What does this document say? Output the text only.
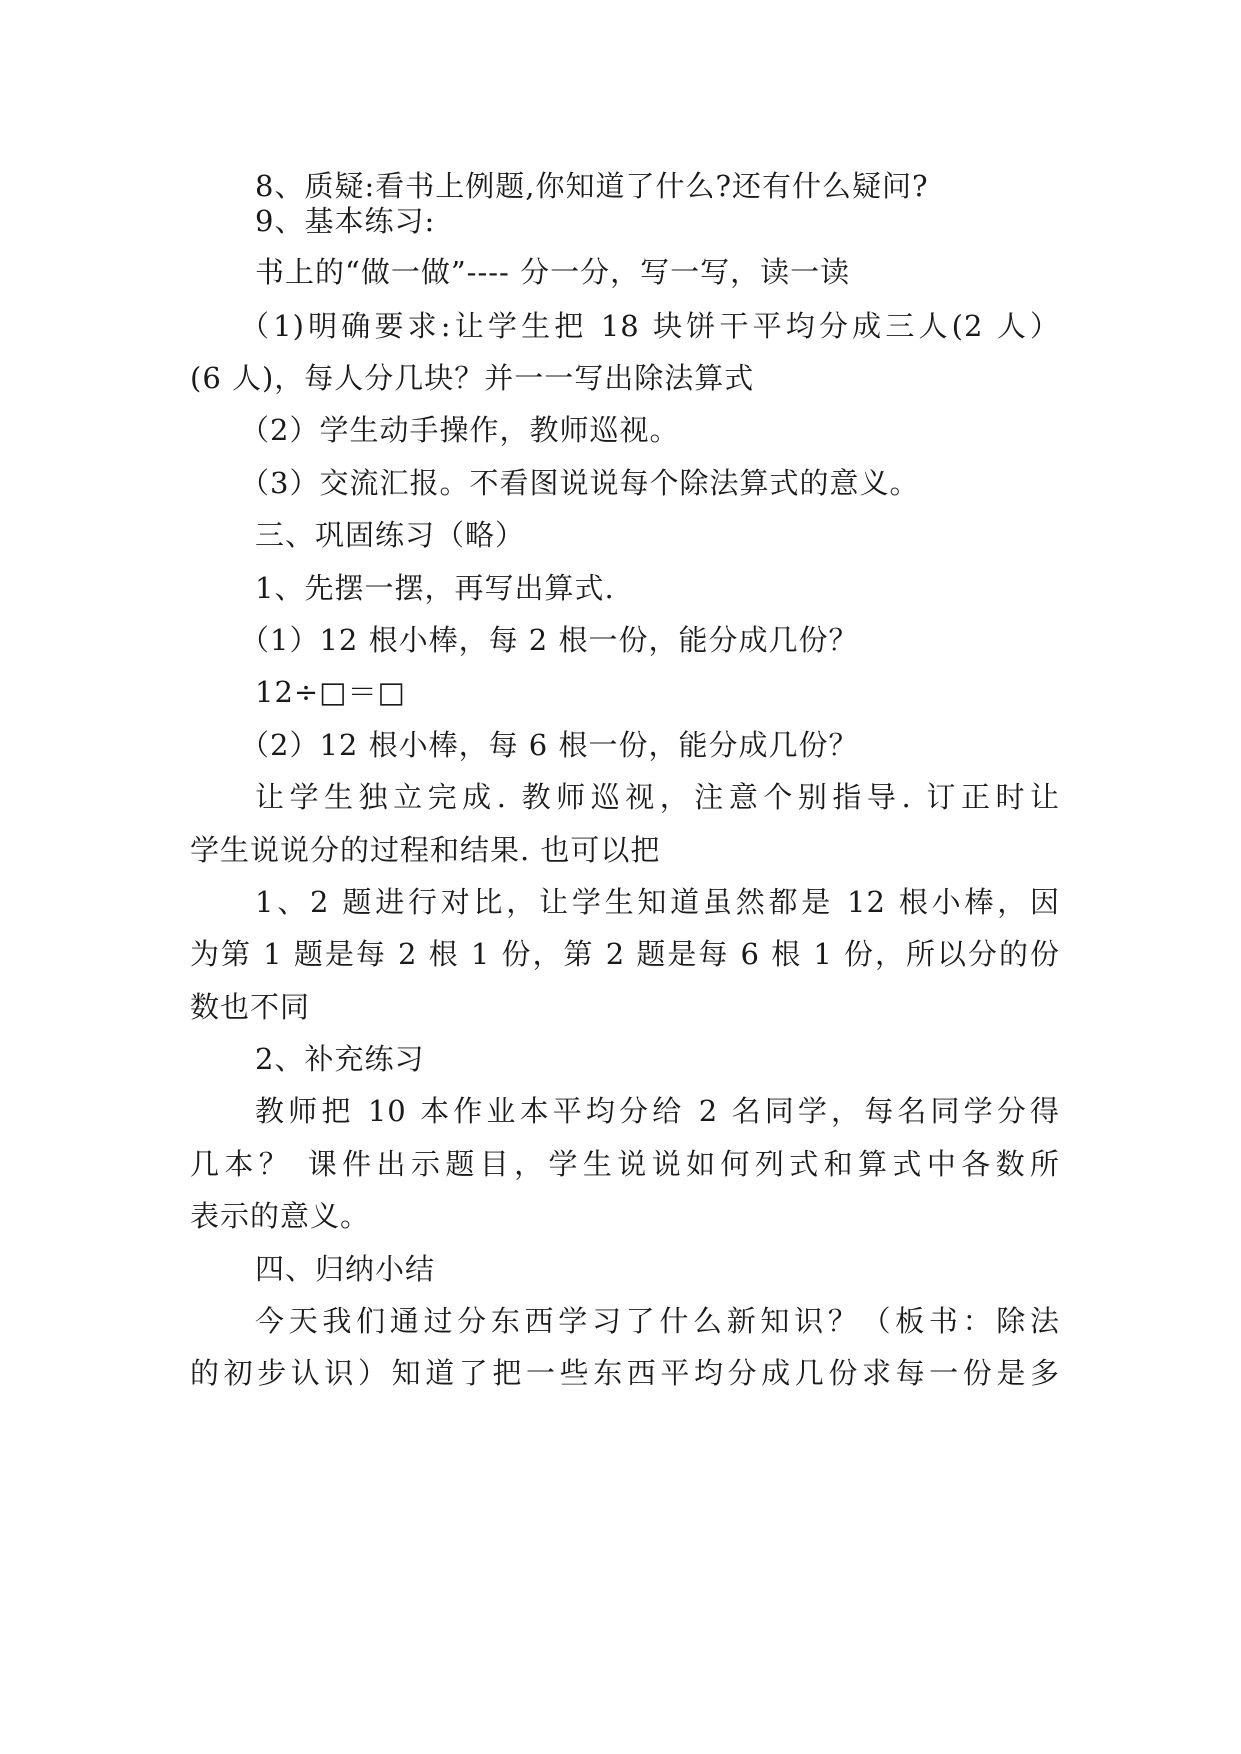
8、质疑:看书上例题,你知道了什么?还有什么疑问?
9、基本练习:
书上的“做一做”---- 分一分，写一写，读一读
（1)明确要求:让学生把 18 块饼干平均分成三人(2 人）
(6 人)，每人分几块？并一一写出除法算式
（2）学生动手操作，教师巡视。
（3）交流汇报。不看图说说每个除法算式的意义。
三、巩固练习（略）
1、先摆一摆，再写出算式.
（1）12 根小棒，每 2 根一份，能分成几份？
12÷□＝□
（2）12 根小棒，每 6 根一份，能分成几份？
让学生独立完成. 教师巡视，注意个别指导. 订正时让
学生说说分的过程和结果. 也可以把
1、2 题进行对比，让学生知道虽然都是 12 根小棒，因
为第 1 题是每 2 根 1 份，第 2 题是每 6 根 1 份，所以分的份
数也不同
2、补充练习
教师把 10 本作业本平均分给 2 名同学，每名同学分得
几本？ 课件出示题目，学生说说如何列式和算式中各数所
表示的意义。
四、归纳小结
今天我们通过分东西学习了什么新知识？（板书：除法
的初步认识）知道了把一些东西平均分成几份求每一份是多
